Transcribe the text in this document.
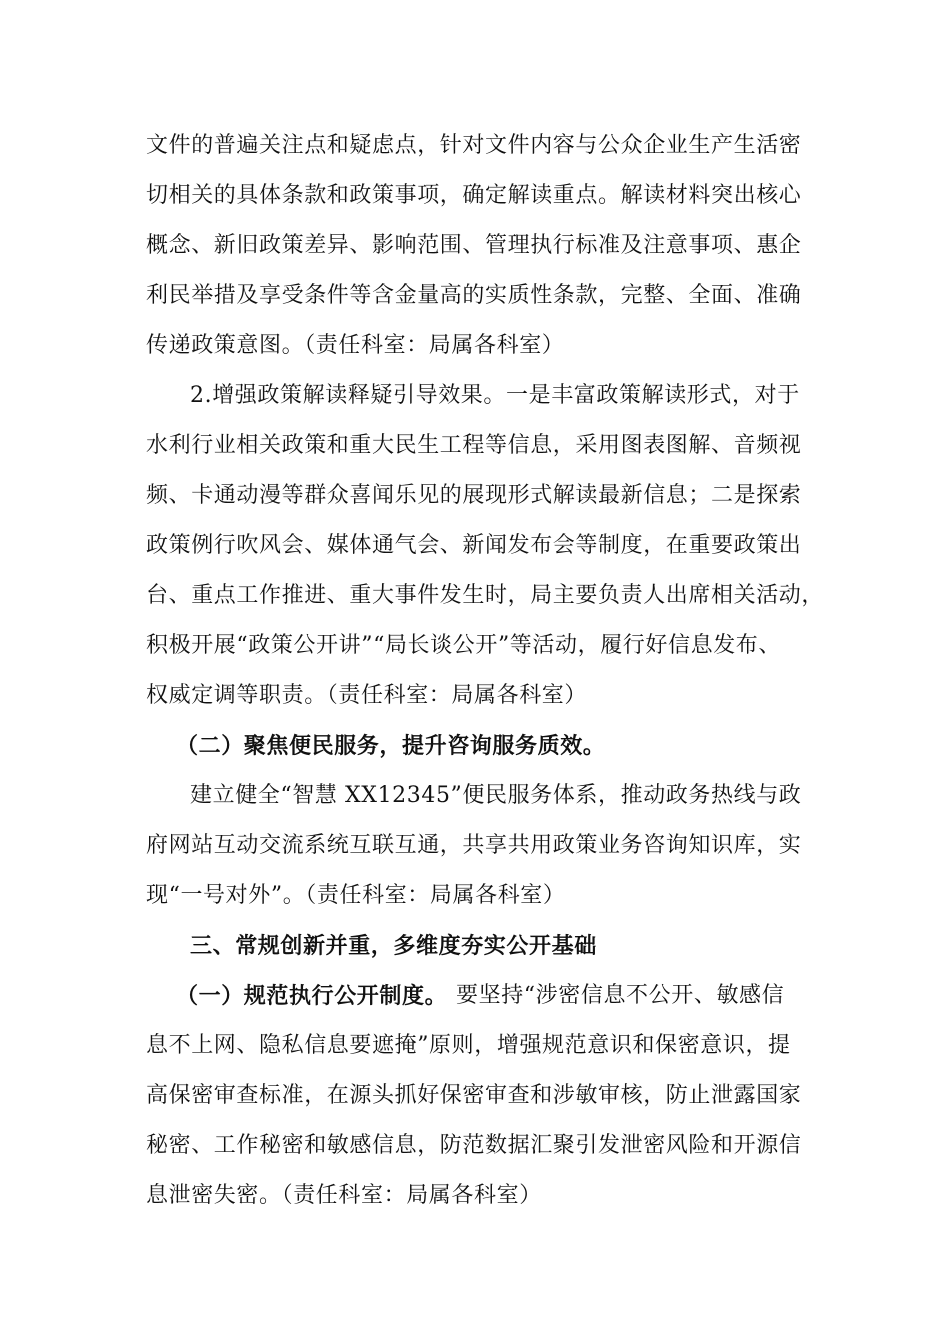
文件的普遍关注点和疑虑点，针对文件内容与公众企业生产生活密
切相关的具体条款和政策事项，确定解读重点。解读材料突出核心
概念、新旧政策差异、影响范围、管理执行标准及注意事项、惠企
利民举措及享受条件等含金量高的实质性条款，完整、全面、准确
传递政策意图。（责任科室：局属各科室）
2.增强政策解读释疑引导效果。一是丰富政策解读形式，对于
水利行业相关政策和重大民生工程等信息，采用图表图解、音频视
频、卡通动漫等群众喜闻乐见的展现形式解读最新信息；二是探索
政策例行吹风会、媒体通气会、新闻发布会等制度，在重要政策出
台、重点工作推进、重大事件发生时，局主要负责人出席相关活动，
积极开展“政策公开讲”“局长谈公开”等活动，履行好信息发布、
权威定调等职责。（责任科室：局属各科室）
（二）聚焦便民服务，提升咨询服务质效。
建立健全“智慧 XX12345”便民服务体系，推动政务热线与政
府网站互动交流系统互联互通，共享共用政策业务咨询知识库，实
现“一号对外”。（责任科室：局属各科室）
三、常规创新并重，多维度夯实公开基础
（一）规范执行公开制度。 要坚持“涉密信息不公开、敏感信
息不上网、隐私信息要遮掩”原则，增强规范意识和保密意识，提
高保密审查标准，在源头抓好保密审查和涉敏审核，防止泄露国家
秘密、工作秘密和敏感信息，防范数据汇聚引发泄密风险和开源信
息泄密失密。（责任科室：局属各科室）
